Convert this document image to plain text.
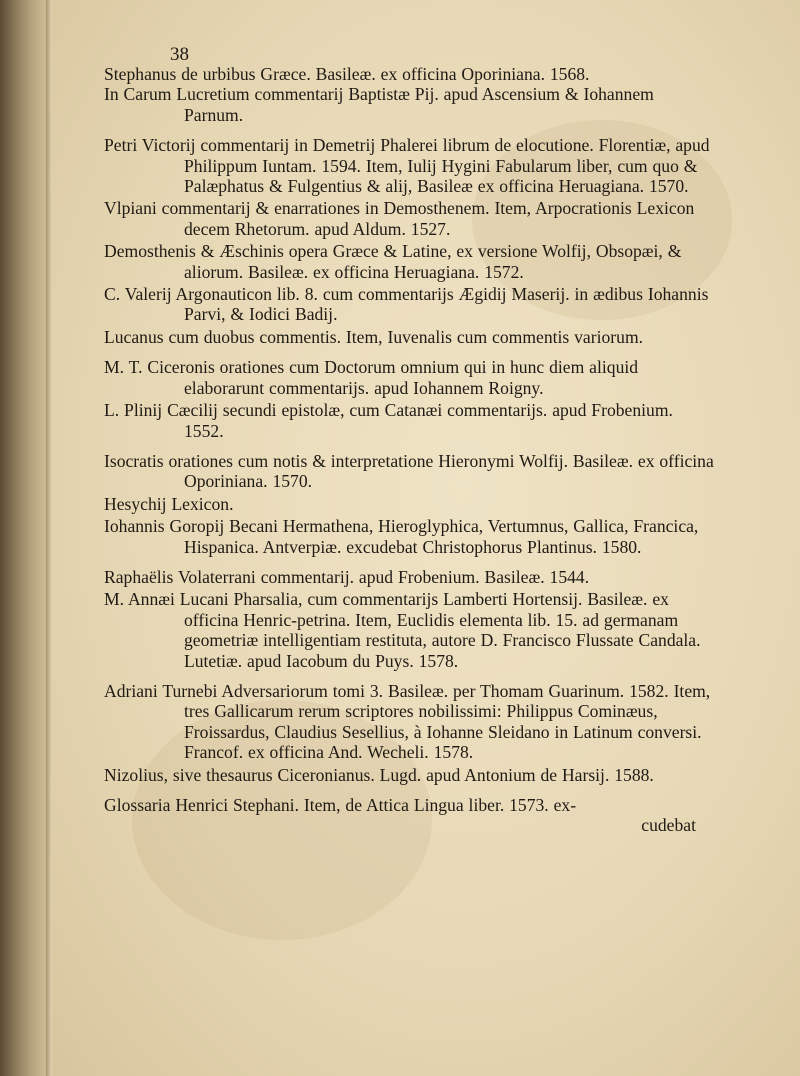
38

Stephanus de urbibus Græce. Basileæ. ex officina Oporiniana. 1568.

In Carum Lucretium commentarij Baptistæ Pij. apud Ascensium & Iohannem Parnum.

Petri Victorij commentarij in Demetrij Phalerei librum de elocutione. Florentiæ, apud Philippum Iuntam. 1594. Item, Iulij Hygini Fabularum liber, cum quo & Palæphatus & Fulgentius & alij, Basileæ ex officina Heruagiana. 1570.

Vlpiani commentarij & enarrationes in Demosthenem. Item, Arpocrationis Lexicon decem Rhetorum. apud Aldum. 1527.

Demosthenis & Æschinis opera Græce & Latine, ex versione Wolfij, Obsopæi, & aliorum. Basileæ. ex officina Heruagiana. 1572.

C. Valerij Argonauticon lib. 8. cum commentarijs Ægidij Maserij. in ædibus Iohannis Parvi, & Iodici Badij.

Lucanus cum duobus commentis. Item, Iuvenalis cum commentis variorum.

M. T. Ciceronis orationes cum Doctorum omnium qui in hunc diem aliquid elaborarunt commentarijs. apud Iohannem Roigny.

L. Plinij Cæcilij secundi epistolæ, cum Catanæi commentarijs. apud Frobenium. 1552.

Isocratis orationes cum notis & interpretatione Hieronymi Wolfij. Basileæ. ex officina Oporiniana. 1570.

Hesychij Lexicon.

Iohannis Goropij Becani Hermathena, Hieroglyphica, Vertumnus, Gallica, Francica, Hispanica. Antverpiæ. excudebat Christophorus Plantinus. 1580.

Raphaëlis Volaterrani commentarij. apud Frobenium. Basileæ. 1544.

M. Annæi Lucani Pharsalia, cum commentarijs Lamberti Hortensij. Basileæ. ex officina Henric-petrina. Item, Euclidis elementa lib. 15. ad germanam geometriæ intelligentiam restituta, autore D. Francisco Flussate Candala. Lutetiæ. apud Iacobum du Puys. 1578.

Adriani Turnebi Adversariorum tomi 3. Basileæ. per Thomam Guarinum. 1582. Item, tres Gallicarum rerum scriptores nobilissimi: Philippus Cominæus, Froissardus, Claudius Sesellius, à Iohanne Sleidano in Latinum conversi. Francof. ex officina And. Wecheli. 1578.

Nizolius, sive thesaurus Ciceronianus. Lugd. apud Antonium de Harsij. 1588.

Glossaria Henrici Stephani. Item, de Attica Lingua liber. 1573. ex-

cudebat
